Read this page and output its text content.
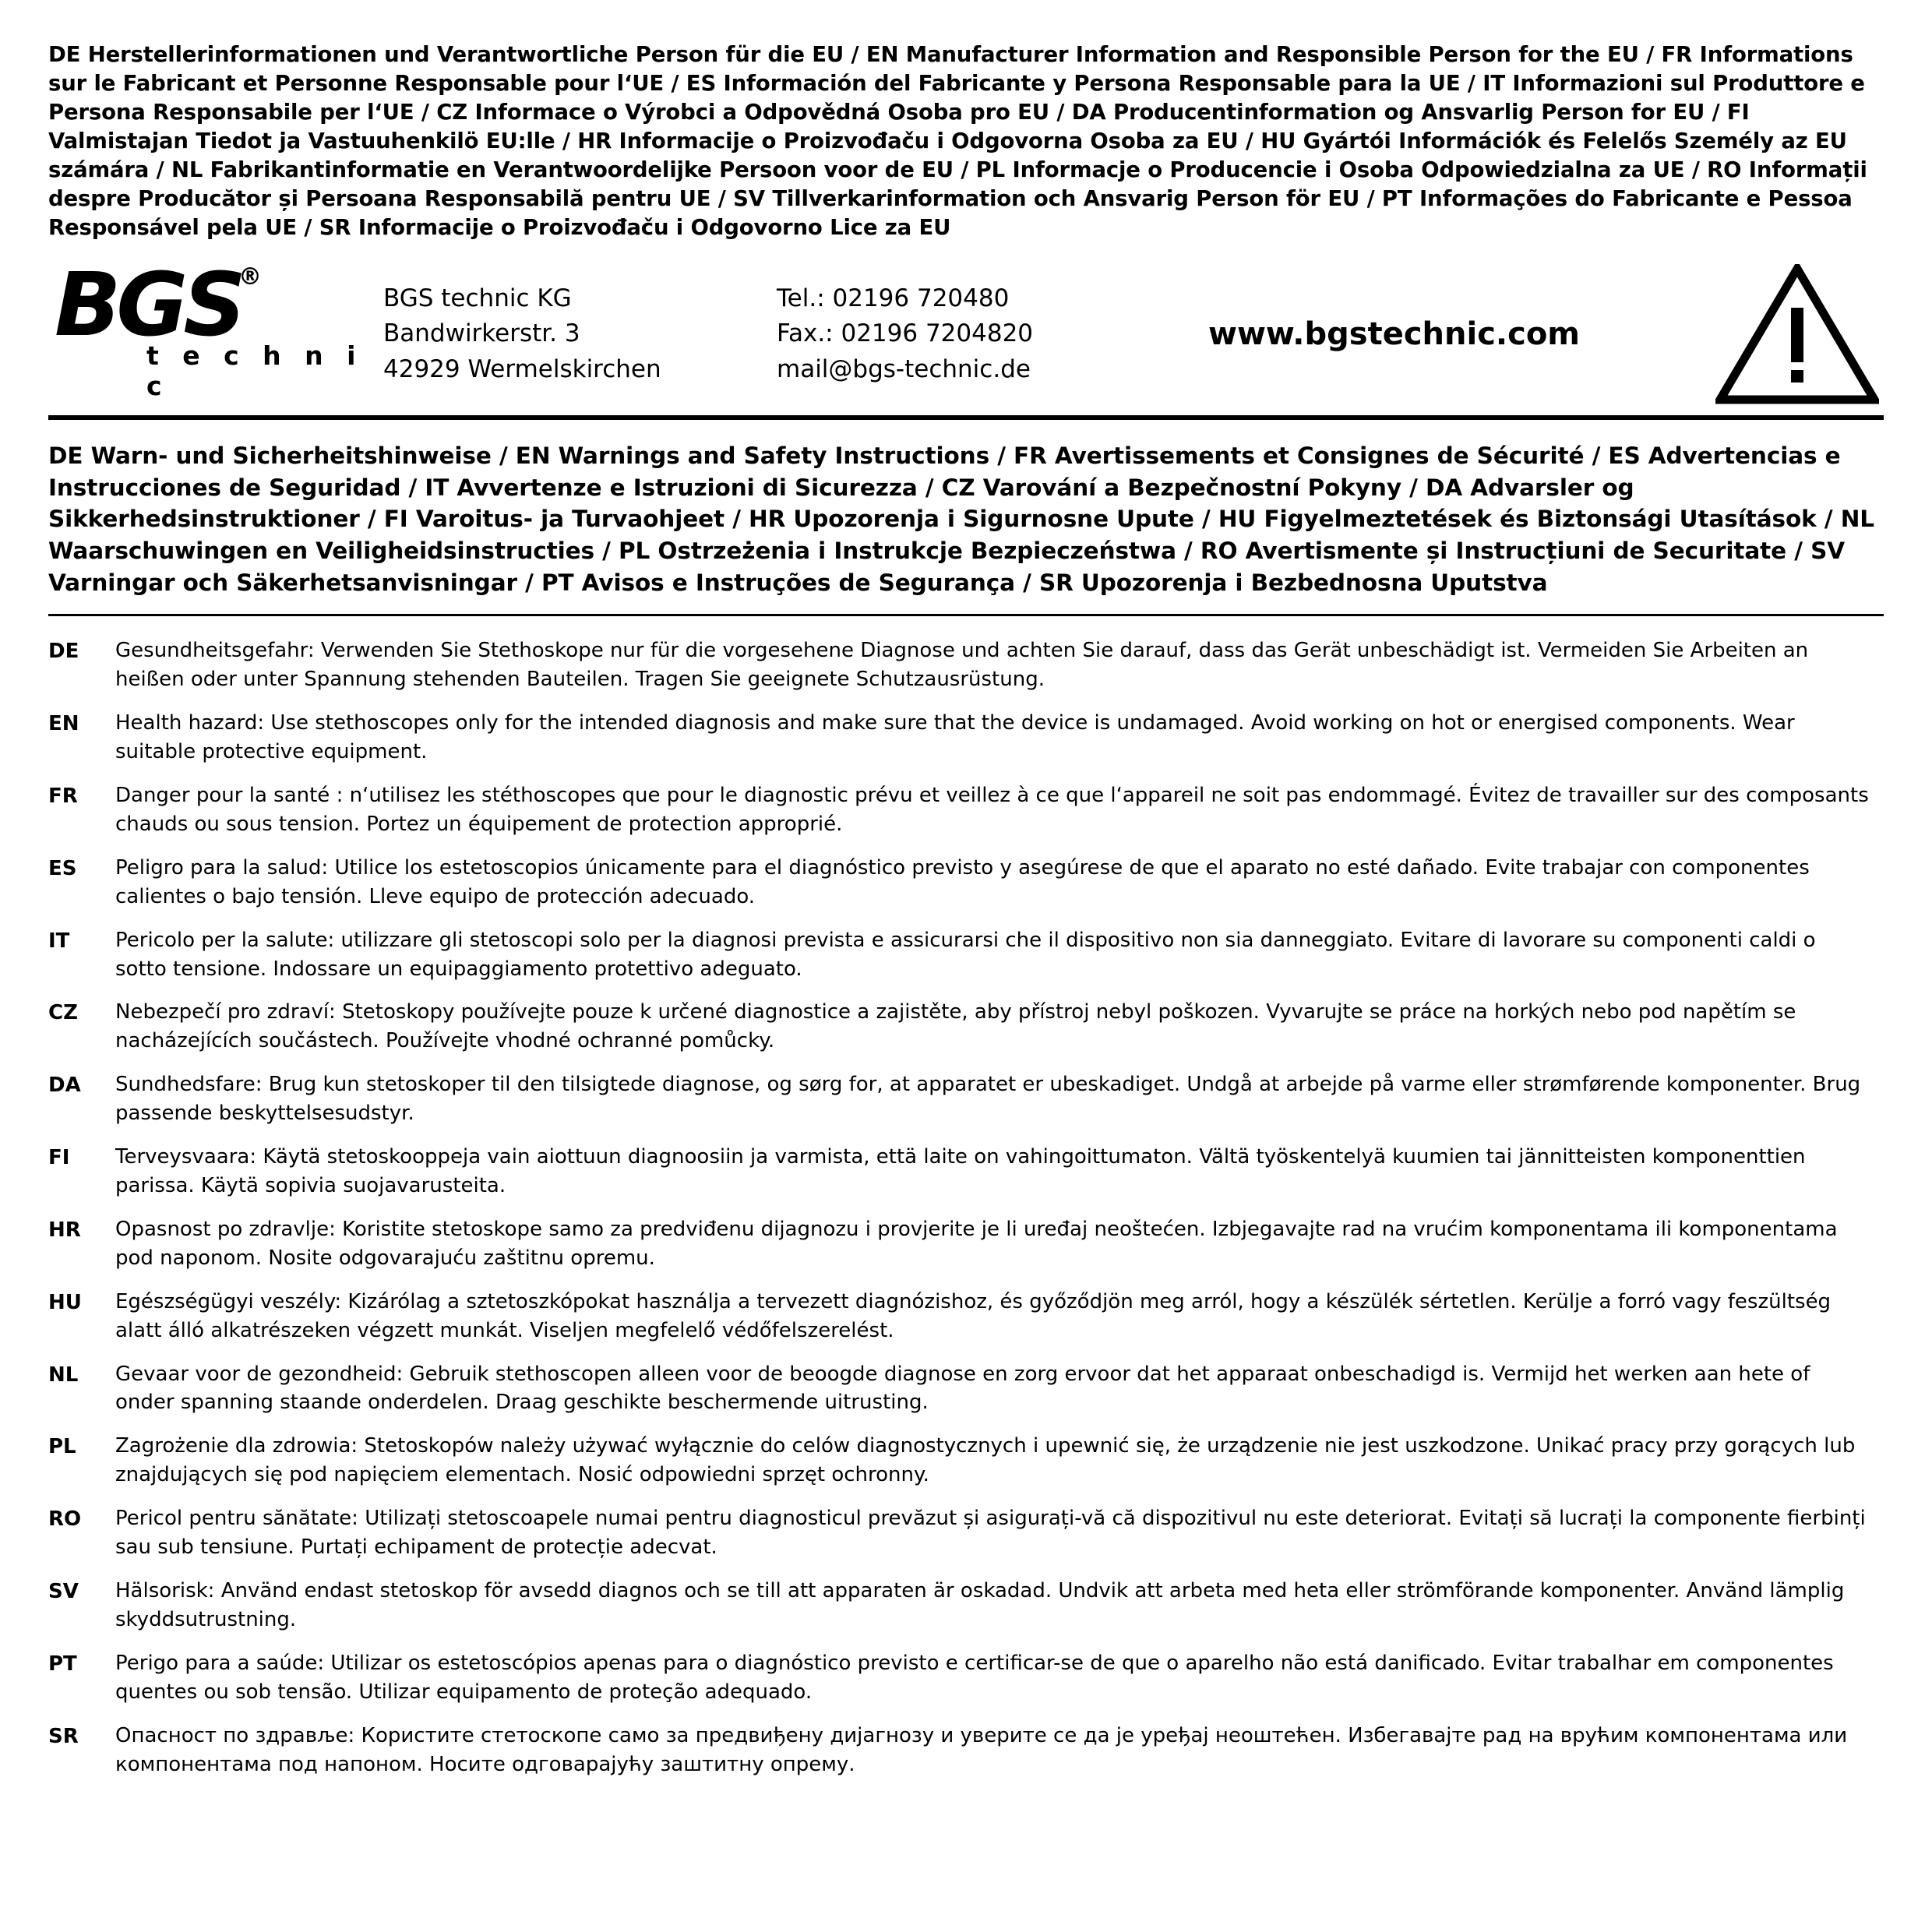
DE Herstellerinformationen und Verantwortliche Person für die EU / EN Manufacturer Information and Responsible Person for the EU / FR Informations sur le Fabricant et Personne Responsable pour l‘UE / ES Información del Fabricante y Persona Responsable para la UE / IT Informazioni sul Produttore e Persona Responsabile per l‘UE / CZ Informace o Výrobci a Odpovědná Osoba pro EU / DA Producentinformation og Ansvarlig Person for EU / FI Valmistajan Tiedot ja Vastuuhenkilö EU:lle / HR Informacije o Proizvođaču i Odgovorna Osoba za EU / HU Gyártói Információk és Felelős Személy az EU számára / NL Fabrikantinformatie en Verantwoordelijke Persoon voor de EU / PL Informacje o Producencie i Osoba Odpowiedzialna za UE / RO Informații despre Producător și Persoana Responsabilă pentru UE / SV Tillverkarinformation och Ansvarig Person för EU / PT Informações do Fabricante e Pessoa Responsável pela UE / SR Informacije o Proizvođaču i Odgovorno Lice za EU
BGS
®
t e c h n i c
BGS technic KG
Bandwirkerstr. 3
42929 Wermelskirchen
Tel.: 02196 720480
Fax.: 02196 7204820
mail@bgs-technic.de
www.bgstechnic.com
DE Warn- und Sicherheitshinweise / EN Warnings and Safety Instructions / FR Avertissements et Consignes de Sécurité / ES Advertencias e Instrucciones de Seguridad / IT Avvertenze e Istruzioni di Sicurezza / CZ Varování a Bezpečnostní Pokyny / DA Advarsler og Sikkerhedsinstruktioner / FI Varoitus- ja Turvaohjeet / HR Upozorenja i Sigurnosne Upute / HU Figyelmeztetések és Biztonsági Utasítások / NL Waarschuwingen en Veiligheidsinstructies / PL Ostrzeżenia i Instrukcje Bezpieczeństwa / RO Avertismente și Instrucțiuni de Securitate / SV Varningar och Säkerhetsanvisningar / PT Avisos e Instruções de Segurança / SR Upozorenja i Bezbednosna Uputstva
DE	Gesundheitsgefahr: Verwenden Sie Stethoskope nur für die vorgesehene Diagnose und achten Sie darauf, dass das Gerät unbeschädigt ist. Vermeiden Sie Arbeiten an heißen oder unter Spannung stehenden Bauteilen. Tragen Sie geeignete Schutzausrüstung.
EN	Health hazard: Use stethoscopes only for the intended diagnosis and make sure that the device is undamaged. Avoid working on hot or energised components. Wear suitable protective equipment.
FR	Danger pour la santé : n‘utilisez les stéthoscopes que pour le diagnostic prévu et veillez à ce que l‘appareil ne soit pas endommagé. Évitez de travailler sur des composants chauds ou sous tension. Portez un équipement de protection approprié.
ES	Peligro para la salud: Utilice los estetoscopios únicamente para el diagnóstico previsto y asegúrese de que el aparato no esté dañado. Evite trabajar con componentes calientes o bajo tensión. Lleve equipo de protección adecuado.
IT	Pericolo per la salute: utilizzare gli stetoscopi solo per la diagnosi prevista e assicurarsi che il dispositivo non sia danneggiato. Evitare di lavorare su componenti caldi o sotto tensione. Indossare un equipaggiamento protettivo adeguato.
CZ	Nebezpečí pro zdraví: Stetoskopy používejte pouze k určené diagnostice a zajistěte, aby přístroj nebyl poškozen. Vyvarujte se práce na horkých nebo pod napětím se nacházejících součástech. Používejte vhodné ochranné pomůcky.
DA	Sundhedsfare: Brug kun stetoskoper til den tilsigtede diagnose, og sørg for, at apparatet er ubeskadiget. Undgå at arbejde på varme eller strømførende komponenter. Brug passende beskyttelsesudstyr.
FI	Terveysvaara: Käytä stetoskooppeja vain aiottuun diagnoosiin ja varmista, että laite on vahingoittumaton. Vältä työskentelyä kuumien tai jännitteisten komponenttien parissa. Käytä sopivia suojavarusteita.
HR	Opasnost po zdravlje: Koristite stetoskope samo za predviđenu dijagnozu i provjerite je li uređaj neoštećen. Izbjegavajte rad na vrućim komponentama ili komponentama pod naponom. Nosite odgovarajuću zaštitnu opremu.
HU	Egészségügyi veszély: Kizárólag a sztetoszkópokat használja a tervezett diagnózishoz, és győződjön meg arról, hogy a készülék sértetlen. Kerülje a forró vagy feszültség alatt álló alkatrészeken végzett munkát. Viseljen megfelelő védőfelszerelést.
NL	Gevaar voor de gezondheid: Gebruik stethoscopen alleen voor de beoogde diagnose en zorg ervoor dat het apparaat onbeschadigd is. Vermijd het werken aan hete of onder spanning staande onderdelen. Draag geschikte beschermende uitrusting.
PL	Zagrożenie dla zdrowia: Stetoskopów należy używać wyłącznie do celów diagnostycznych i upewnić się, że urządzenie nie jest uszkodzone. Unikać pracy przy gorących lub znajdujących się pod napięciem elementach. Nosić odpowiedni sprzęt ochronny.
RO	Pericol pentru sănătate: Utilizați stetoscoapele numai pentru diagnosticul prevăzut și asigurați-vă că dispozitivul nu este deteriorat. Evitați să lucrați la componente fierbinți sau sub tensiune. Purtați echipament de protecție adecvat.
SV	Hälsorisk: Använd endast stetoskop för avsedd diagnos och se till att apparaten är oskadad. Undvik att arbeta med heta eller strömförande komponenter. Använd lämplig skyddsutrustning.
PT	Perigo para a saúde: Utilizar os estetoscópios apenas para o diagnóstico previsto e certificar-se de que o aparelho não está danificado. Evitar trabalhar em componentes quentes ou sob tensão. Utilizar equipamento de proteção adequado.
SR	Опасност по здрављe: Користите стетоскопe само за предвиђену дијагнозу и уверите се да је уређај неоштећен. Избегавајте рад на врућим компонентама или компонентама под напоном. Носите одговарајућу заштитну опрему.
